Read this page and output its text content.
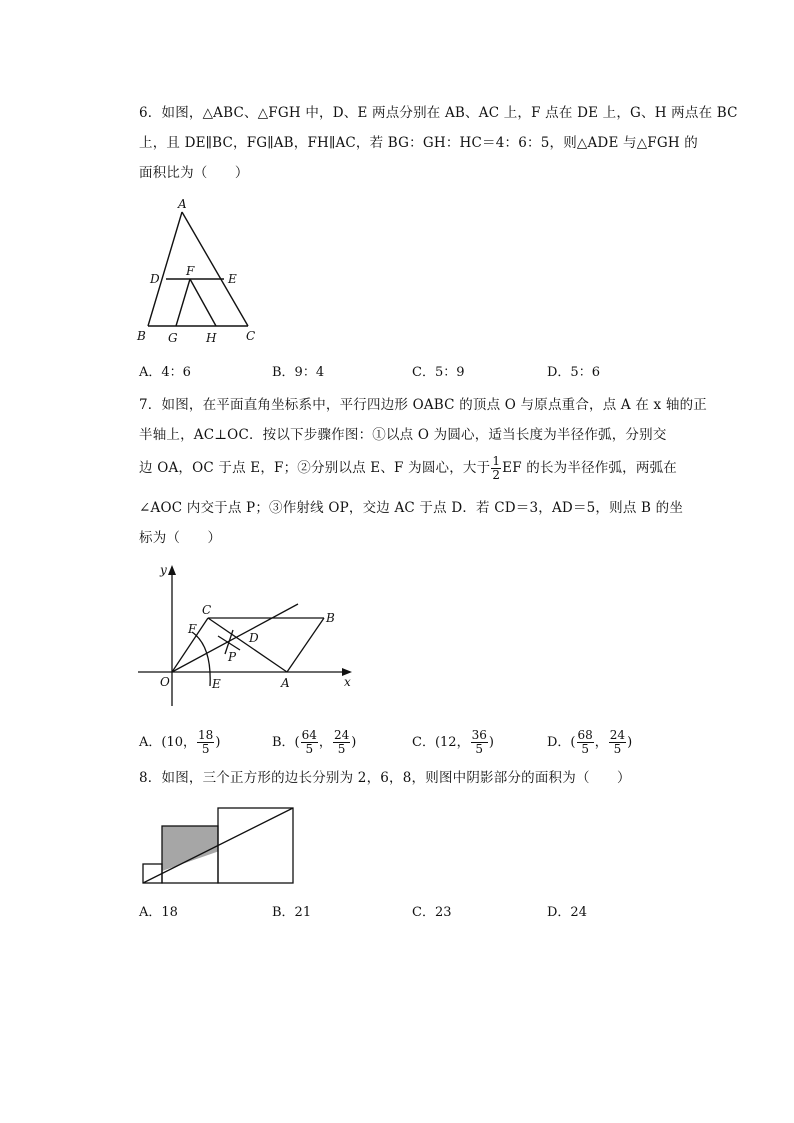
6．如图，△ABC、△FGH 中，D、E 两点分别在 AB、AC 上，F 点在 DE 上，G、H 两点在 BC
上，且 DE∥BC，FG∥AB，FH∥AC，若 BG：GH：HC＝4：6：5，则△ADE 与△FGH 的
面积比为（　　）
A
D
F
E
B G H C
A．4：6	B．9：4	C．5：9	D．5：6
7．如图，在平面直角坐标系中，平行四边形 OABC 的顶点 O 与原点重合，点 A 在 x 轴的正
半轴上，AC⊥OC．按以下步骤作图：①以点 O 为圆心，适当长度为半径作弧，分别交
边 OA，OC 于点 E，F；②分别以点 E、F 为圆心，大于 $\frac{1}{2}$ EF 的长为半径作弧，两弧在
∠AOC 内交于点 P；③作射线 OP，交边 AC 于点 D．若 CD＝3，AD＝5，则点 B 的坐
标为（　　）
y
x
O	E	A
C
B
F
D
P
A．(10， $\frac{18}{5}$ )	B．( $\frac{64}{5}$ ， $\frac{24}{5}$ )	C．(12， $\frac{36}{5}$ )	D．( $\frac{68}{5}$ ， $\frac{24}{5}$ )
8．如图，三个正方形的边长分别为 2，6，8，则图中阴影部分的面积为（　　）
A．18	B．21	C．23	D．24
